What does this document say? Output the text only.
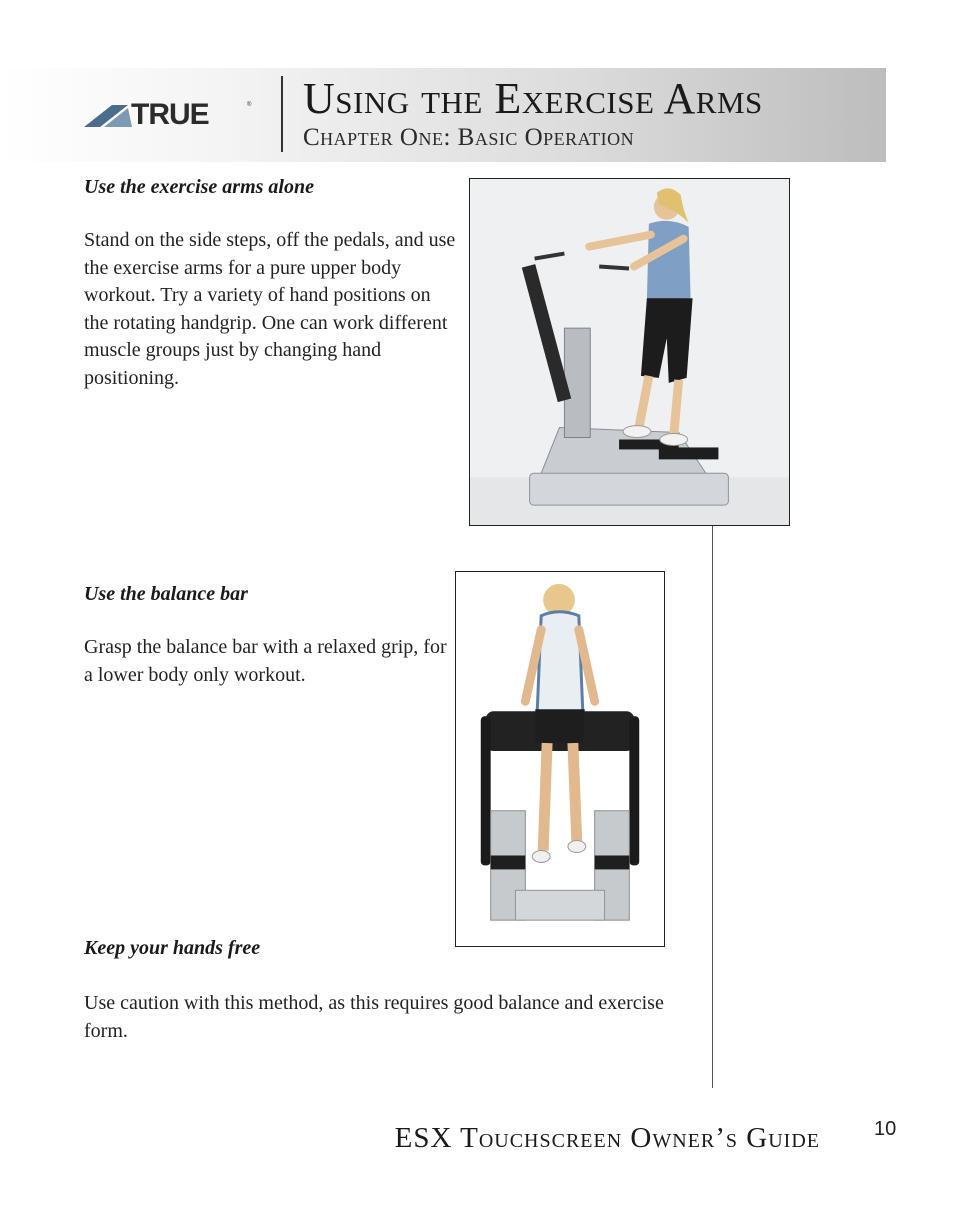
TRUE	® Using the Exercise Arms
Chapter One: Basic Operation
Use the exercise arms alone

Stand on the side steps, off the pedals, and use the exercise arms for a pure upper body workout. Try a variety of hand positions on the rotating handgrip. One can work different muscle groups just by changing hand positioning.

Use the balance bar

Grasp the balance bar with a relaxed grip, for a lower body only workout.

Keep your hands free

Use caution with this method, as this requires good balance and exercise form.

ESX Touchscreen Owner’s Guide	10
